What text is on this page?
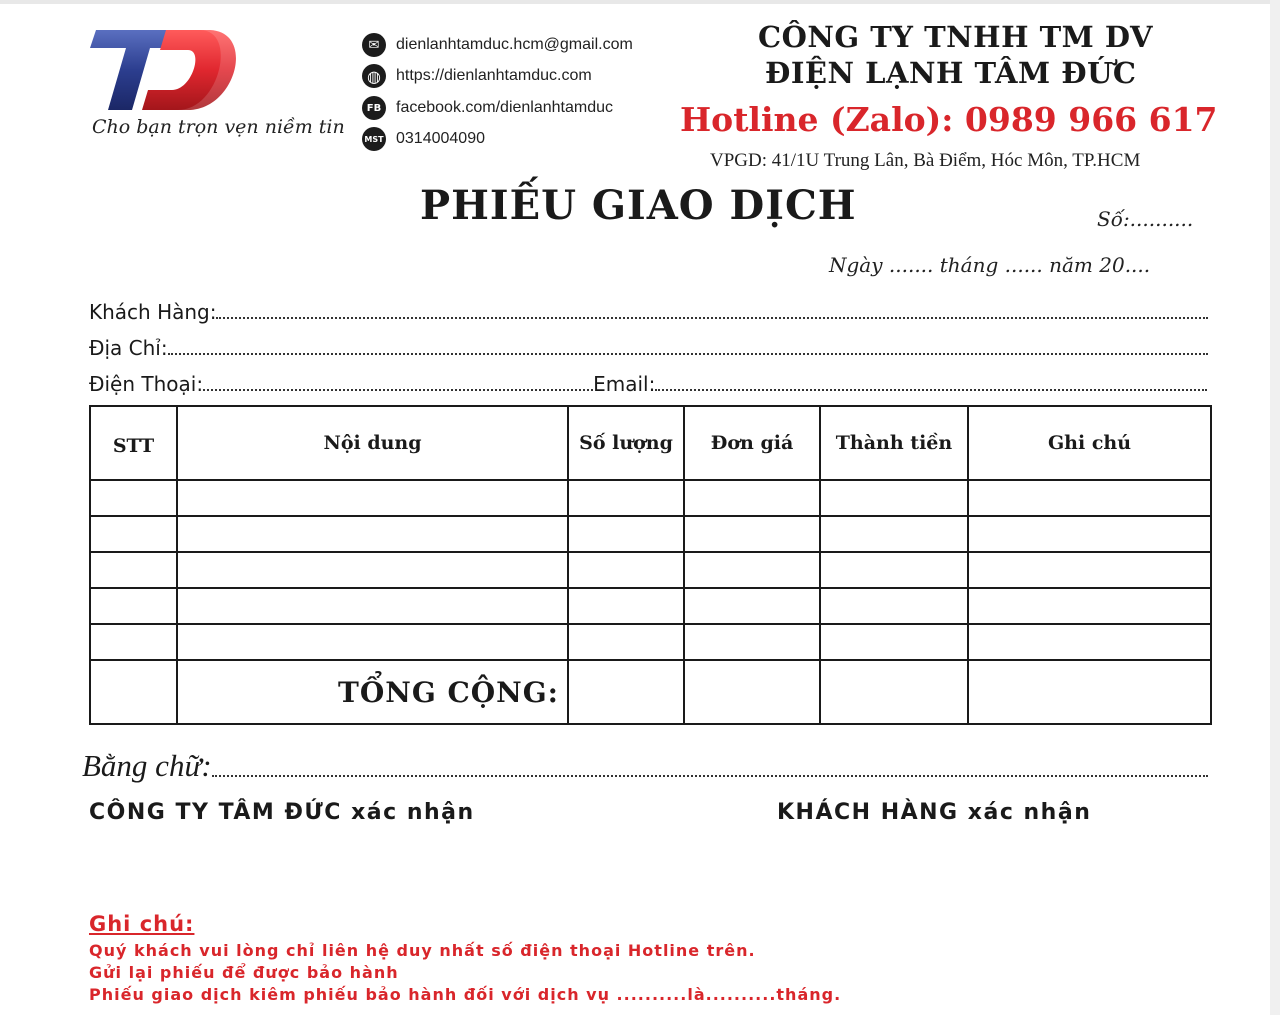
Cho bạn trọn vẹn niềm tin
✉	dienlanhtamduc.hcm@gmail.com
◍ https://dienlanhtamduc.com
FB facebook.com/dienlanhtamduc
MST 0314004090
CÔNG TY TNHH TM DV
ĐIỆN LẠNH TÂM ĐỨC
Hotline (Zalo): 0989 966 617
VPGD: 41/1U Trung Lân, Bà Điểm, Hóc Môn, TP.HCM
PHIẾU GIAO DỊCH	Số:..........
Ngày ....... tháng ...... năm 20....
Khách Hàng:
Địa Chỉ:
Điện Thoại:	Email:
STT	Nội dung	Số lượng	Đơn giá	Thành tiền	Ghi chú

	TỔNG CỘNG:				
Bằng chữ:
CÔNG TY TÂM ĐỨC xác nhận	KHÁCH HÀNG xác nhận
Ghi chú:
Quý khách vui lòng chỉ liên hệ duy nhất số điện thoại Hotline trên.
Gửi lại phiếu để được bảo hành
Phiếu giao dịch kiêm phiếu bảo hành đối với dịch vụ ..........là..........tháng.
